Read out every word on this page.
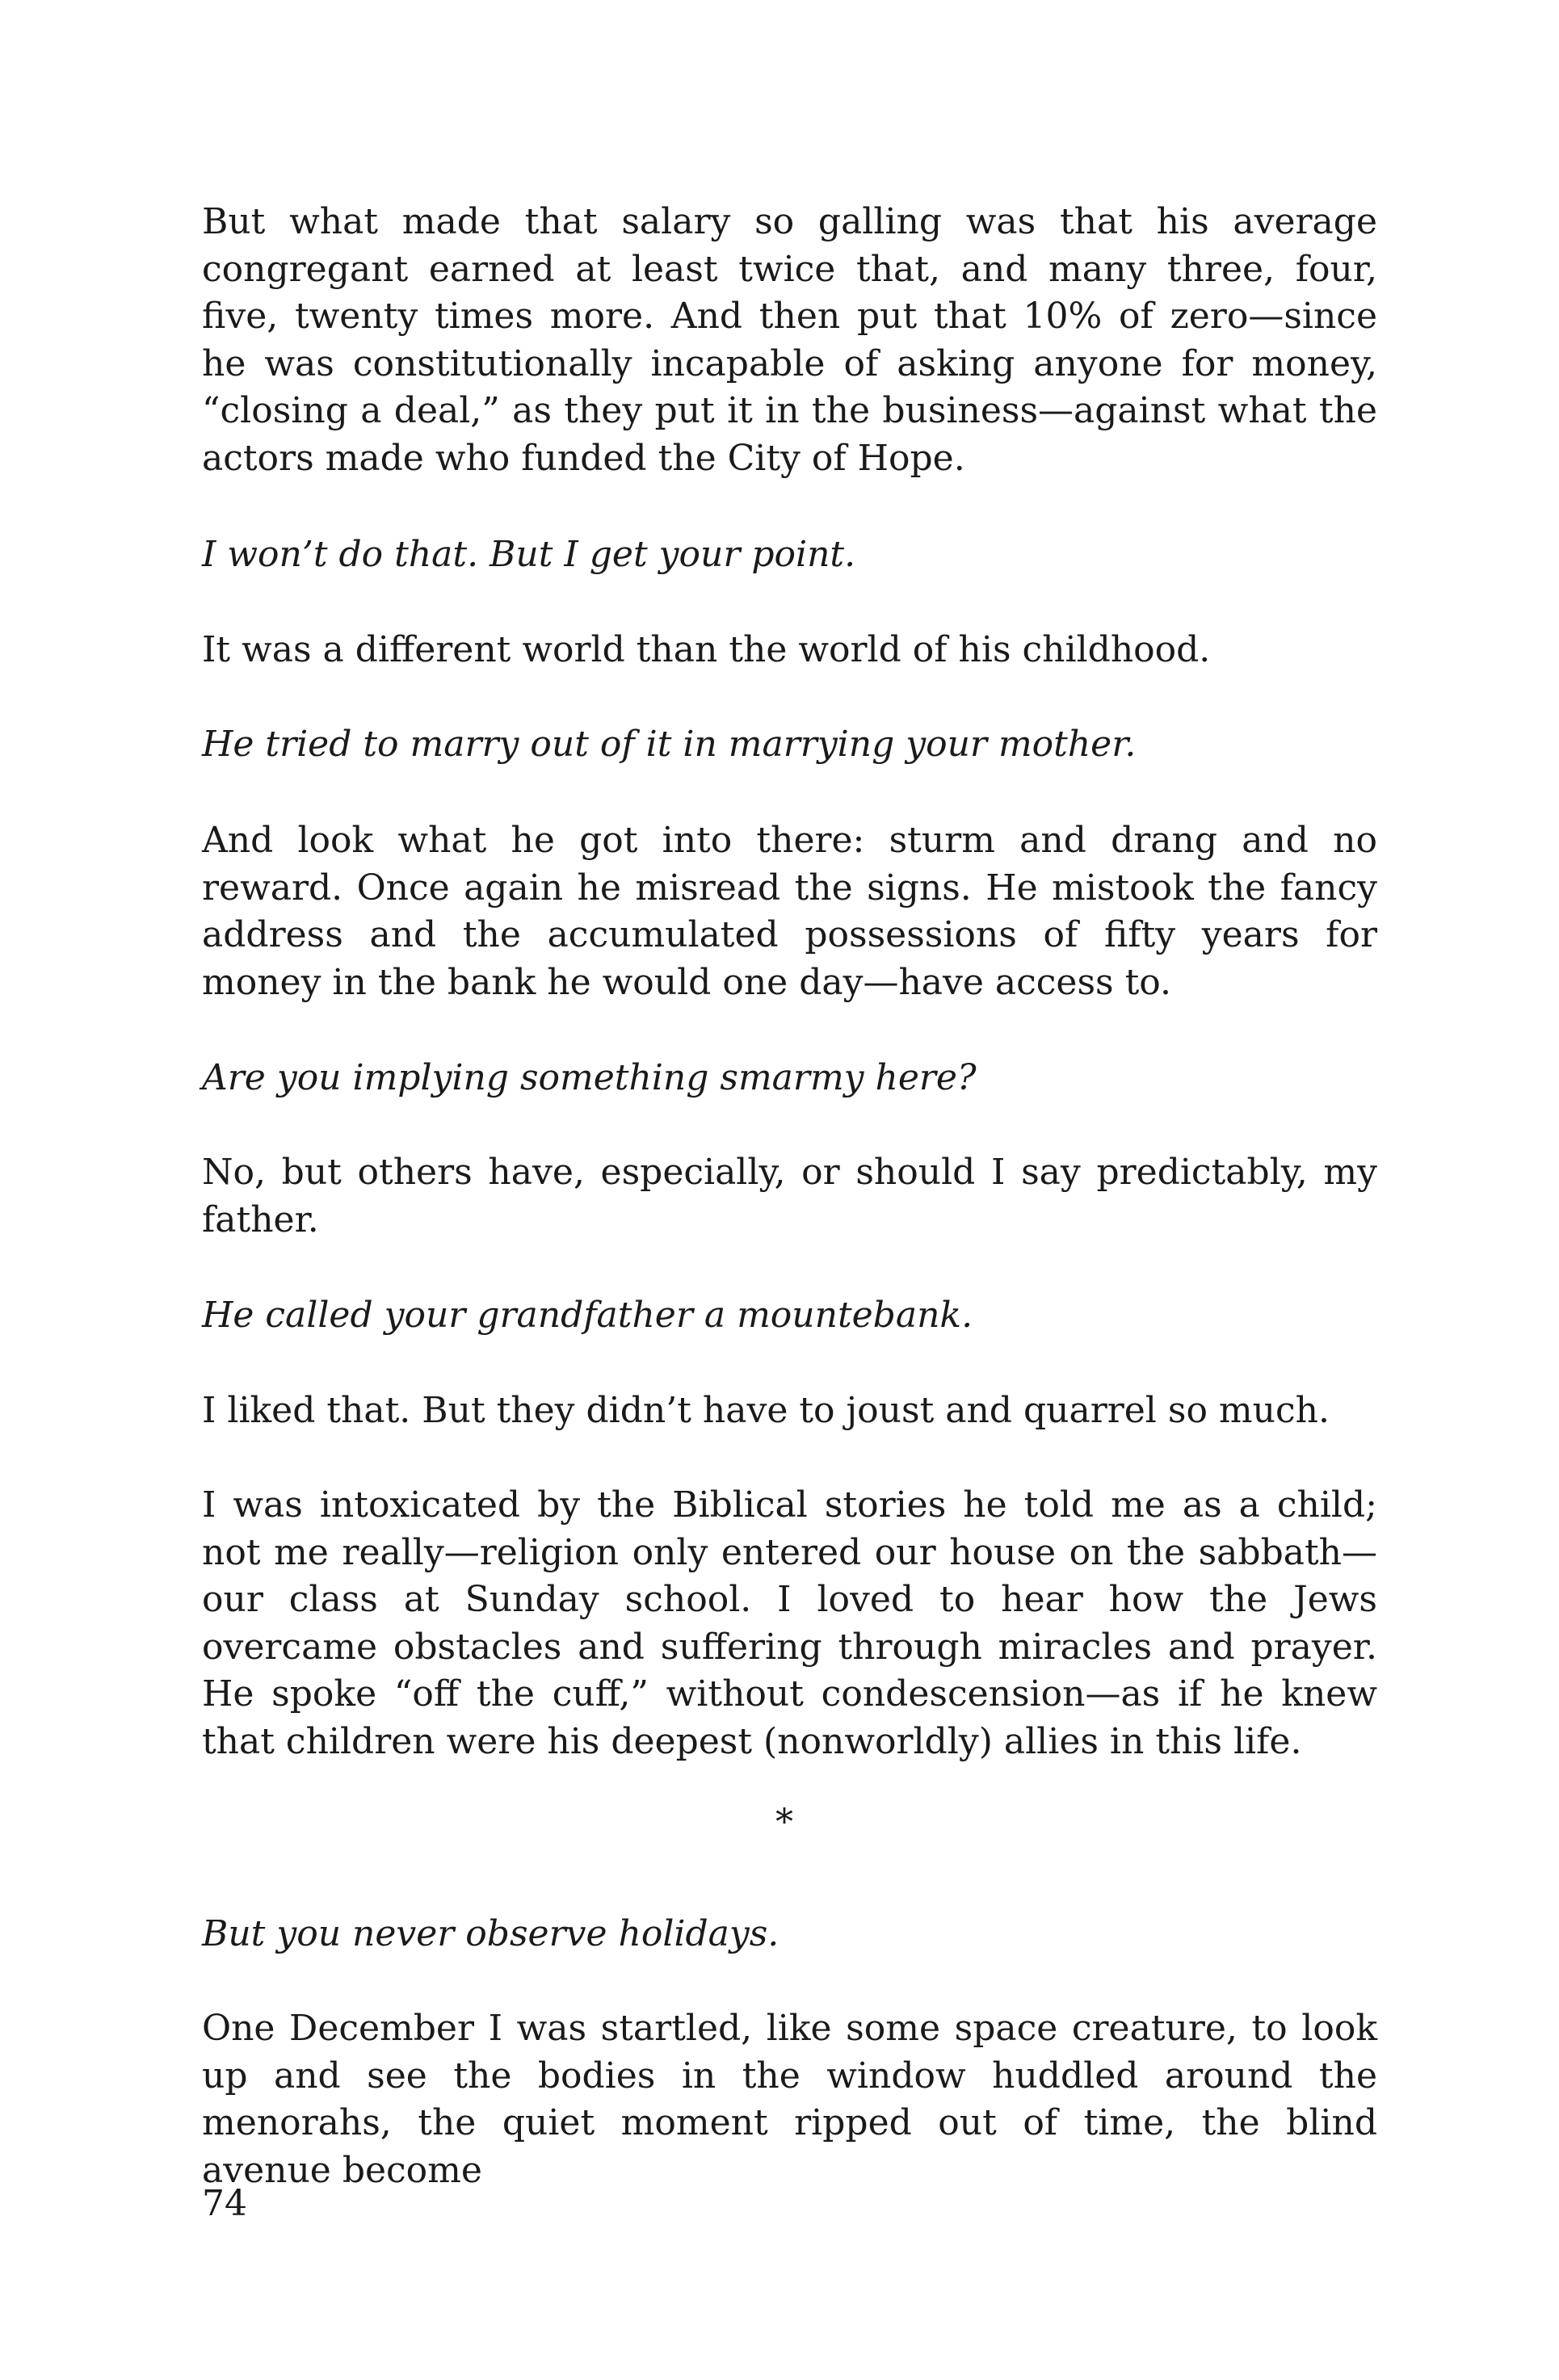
But what made that salary so galling was that his average congregant earned at least twice that, and many three, four, five, twenty times more. And then put that 10% of zero—since he was constitutionally incapable of asking anyone for money, “closing a deal,” as they put it in the business—against what the actors made who funded the City of Hope.

I won’t do that. But I get your point.

It was a different world than the world of his childhood.

He tried to marry out of it in marrying your mother.

And look what he got into there: sturm and drang and no reward. Once again he misread the signs. He mistook the fancy address and the accumulated possessions of fifty years for money in the bank he would one day—have access to.

Are you implying something smarmy here?

No, but others have, especially, or should I say predictably, my father.

He called your grandfather a mountebank.

I liked that. But they didn’t have to joust and quarrel so much.

I was intoxicated by the Biblical stories he told me as a child; not me really—religion only entered our house on the sabbath—our class at Sunday school. I loved to hear how the Jews overcame obstacles and suffering through miracles and prayer. He spoke “off the cuff,” without condescension—as if he knew that children were his deepest (nonworldly) allies in this life.

*

But you never observe holidays.

One December I was startled, like some space creature, to look up and see the bodies in the window huddled around the menorahs, the quiet moment ripped out of time, the blind avenue become

74
